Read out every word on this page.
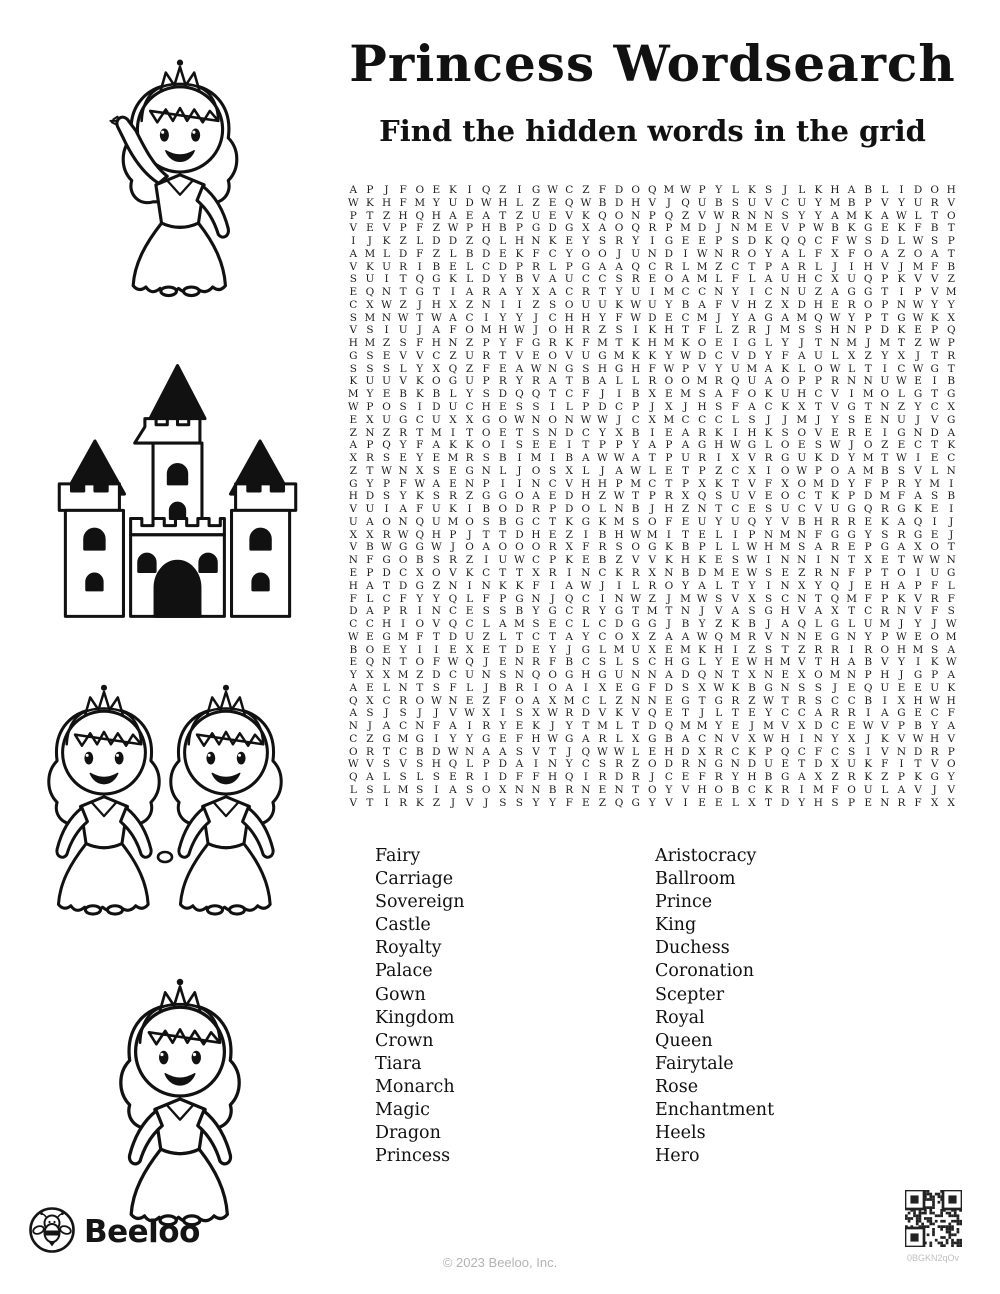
Princess Wordsearch
Find the hidden words in the grid
A P	J	F O E K	I Q Z	I G W C Z F D O Q M W P Y L K S	J	L K H A B L	I D O H
W K H F M Y U D W H L Z E Q W B D H V	J Q U B S U V C U Y M B P V Y U R V
P T Z H Q H A E A T Z U E V K Q O N P Q Z V W R N N S Y Y A M K A W L T O
V E V P F Z W P H B P G D G X A O Q R P M D J N M E V P W B K G E K F B T
I	J	K Z L D D Z Q L H N K E Y S R Y	I G E E P S D K Q Q C F W S D L W S P
A M L D F Z L B D E K F C Y O O J U N D I W N R O Y A L F X F O A Z O A T
V K U R	I	B E L C D P R L P G A A Q C R L M Z C T P A R L	J	I H V	J M F B
S U I	T Q G K L D Y B V A U C C S R E O A M L F L A U H C X U Q P K V V Z
E Q N T G T	I	A R A Y X A C R T Y U I M C C N Y	I	C N U Z A G G T	I	P V M
C X W Z	J H X Z N I	I	Z S O U U K W U Y B A F V H Z X D H E R O P N W Y Y
S M N W T W A C	I	Y Y	J C H H Y F W D E C M J	Y A G A M Q W Y P T G W K X
V S	I U J	A F O M H W J O H R Z S	I	K H T F L Z R	J M S S H N P D K E P Q
H M Z S F H N Z P Y F G R K F M T K H M K O E	I G L Y	J	T N M J M T Z W P
G S E V V C Z U R T V E O V U G M K K Y W D C V D Y F A U L X Z Y X	J	T R
S S S L Y X Q Z F E A W N G S H G H F W P V Y U M A K L O W L T	I	C W G T
K U U V K O G U P R Y R A T B A L L R O O M R Q U A O P P R N N U W E	I	B
M Y E B K B L Y S D Q Q T C F	J	I	B X E M S A F O K U H C V	I M O L G T G
W P O S	I D U C H E S S	I	L P D C P	J	X	J H S F A C K X T V G T N Z Y C X
E X U G C U X X G O W N O N W W J C X M C C C L S	J	J M J	Y S E N U J	V G
Z N Z R T M I	T O E T S N D C Y X B	I	E A R K	I H K S O V E R E	I G N D A
A P Q Y F A K K O I	S E E	I	T P P Y A P A G H W G L O E S W J O Z E C T K
X R S E Y E M R S B	I M I	B A W W A T P U R	I	X V R G U K D Y M T W I	E C
Z T W N X S E G N L	J O S X L	J	A W L E T P Z C X	I O W P O A M B S V L N
G Y P F W A E N P	I	I N C V H H P M C T P X K T V F X O M D Y F P R Y M I
H D S Y K S R Z G G O A E D H Z W T P R X Q S U V E O C T K P D M F A S B
V U I	A F U K	I	B O D R P D O L N B	J H Z N T C E S U C V U G Q R G K E	I
U A O N Q U M O S B G C T K G K M S O F E U Y U Q Y V B H R R E K A Q I	J
X X R W Q H P	J	T T D H E Z	I	B H W M I	T E L	I	P N M N F G G Y S R G E	J
V B W G G W J O A O O O R X F R S O G K B P L L W H M S A R E P G A X O T
N F G O B S R Z	I U W C P K E B Z V V K H K E S W I N N I N T X E T W W N
E P D C X O V K C T T X R	I N C K R X N B D M E W S E Z R N F P T O I U G
H A T D G Z N I N K K F	I	A W J	I	L R O Y A L T Y	I N X Y Q J	E H A P F L
F L C F Y Y Q L F P G N J Q C	I N W Z	J M W S V X S C N T Q M F P K V R F
D A P R	I N C E S S B Y G C R Y G T M T N J	V A S G H V A X T C R N V F S
C C H I O V Q C L A M S E C L C D G G J	B Y Z K B	J	A Q L G L U M J	Y	J W
W E G M F T D U Z L T C T A Y C O X Z A A W Q M R V N N E G N Y P W E O M
B O E Y	I	I	E X E T D E Y	J G L M U X E M K H I	Z S T Z R R	I	R O H M S A
E Q N T O F W Q J	E N R F B C S L S C H G L Y E W H M V T H A B V Y	I	K W
Y X X M Z D C U N S N Q O G H G U N N A D Q N T X N E X O M N P H J G P A
A E L N T S F L	J	B R	I O A	I	X E G F D S X W K B G N S S	J	E Q U E E U K
Q X C R O W N E Z F O A X M C L Z N N E G T G R Z W T R S C C B	I	X H W H
A S	J	S	J	J	V W X	I	S X W R D V K V Q E T	J	L T E Y C C A R R	I	A G E C F
N J	A C N F A	I	R Y E K	J	Y T M L T D Q M M Y E	J M V X D C E W V P B Y A
C Z G M G I	Y Y G E F H W G A R L X G B A C N V X W H I N Y X	J	K V W H V
O R T C B D W N A A S V T	J Q W W L E H D X R C K P Q C F C S	I	V N D R P
W V S V S H Q L P D A	I N Y C S R Z O D R N G N D U E T D X U K F	I	T V O
Q A L S L S E R	I D F F H Q I	R D R	J C E F R Y H B G A X Z R K Z P K G Y
L S L M S	I	A S O X N N B R N E N T O Y V H O B C K R	I M F O U L A V	J	V
V T	I	R K Z	J	V	J	S S Y Y F E Z Q G Y V	I	E E L X T D Y H S P E N R F X X
Fairy
Carriage
Sovereign
Castle
Royalty
Palace
Gown
Kingdom
Crown
Tiara
Monarch
Magic
Dragon
Princess
Aristocracy
Ballroom
Prince
King
Duchess
Coronation
Scepter
Royal
Queen
Fairytale
Rose
Enchantment
Heels
Hero
Beeloo
© 2023 Beeloo, Inc.	0BGKN2qOv
